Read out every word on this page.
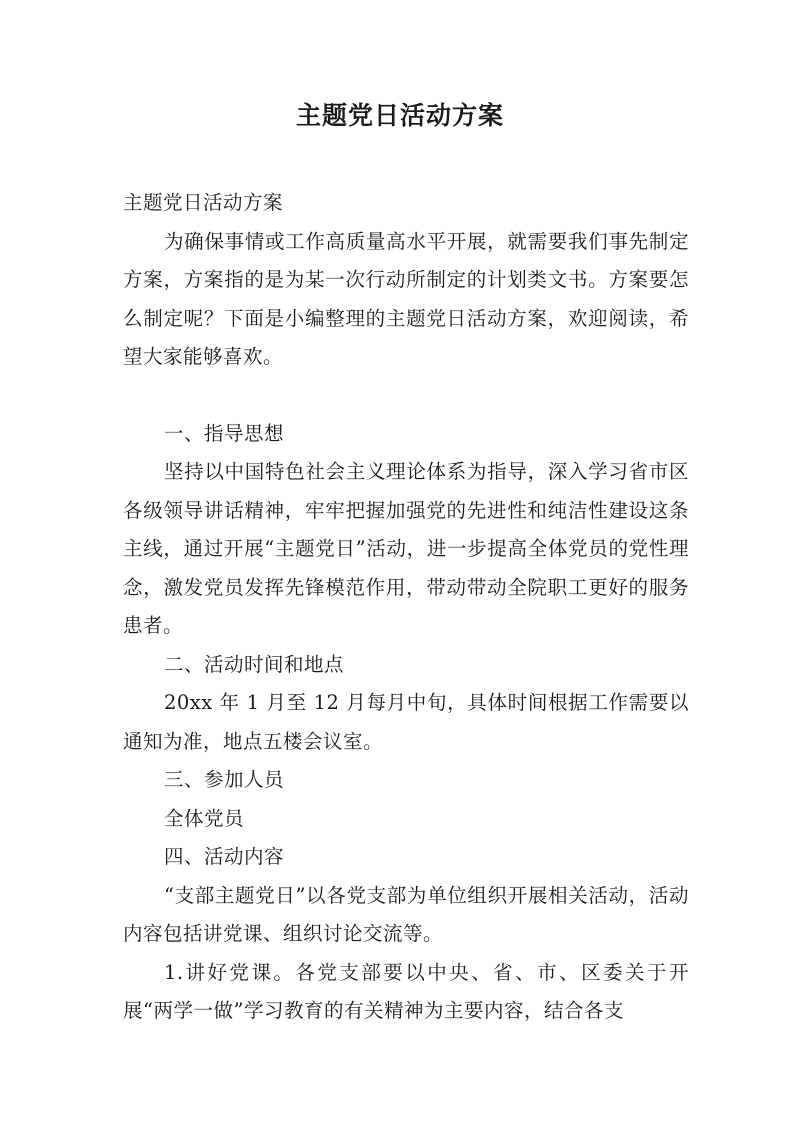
主题党日活动方案

主题党日活动方案

为确保事情或工作高质量高水平开展，就需要我们事先制定方案，方案指的是为某一次行动所制定的计划类文书。方案要怎么制定呢？下面是小编整理的主题党日活动方案，欢迎阅读，希望大家能够喜欢。

一、指导思想

坚持以中国特色社会主义理论体系为指导，深入学习省市区各级领导讲话精神，牢牢把握加强党的先进性和纯洁性建设这条主线，通过开展“主题党日”活动，进一步提高全体党员的党性理念，激发党员发挥先锋模范作用，带动带动全院职工更好的服务患者。

二、活动时间和地点

20xx 年 1 月至 12 月每月中旬，具体时间根据工作需要以通知为准，地点五楼会议室。

三、参加人员

全体党员

四、活动内容

“支部主题党日”以各党支部为单位组织开展相关活动，活动内容包括讲党课、组织讨论交流等。

1.讲好党课。各党支部要以中央、省、市、区委关于开展“两学一做”学习教育的有关精神为主要内容，结合各支
